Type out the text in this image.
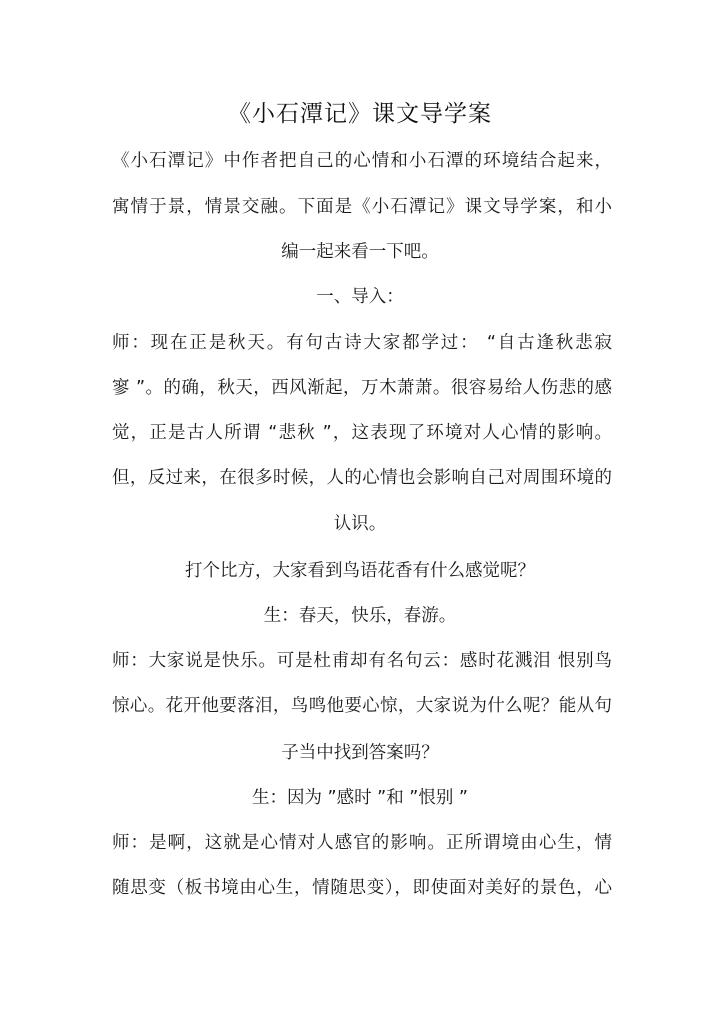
《小石潭记》课文导学案
《小石潭记》中作者把自己的心情和小石潭的环境结合起来，
寓情于景，情景交融。下面是《小石潭记》课文导学案，和小
编一起来看一下吧。
一、导入：
师：现在正是秋天。有句古诗大家都学过： “自古逢秋悲寂
寥 ”。的确，秋天，西风渐起，万木萧萧。很容易给人伤悲的感
觉，正是古人所谓 “悲秋 ”，这表现了环境对人心情的影响。
但，反过来，在很多时候，人的心情也会影响自己对周围环境的
认识。
打个比方，大家看到鸟语花香有什么感觉呢？
生：春天，快乐，春游。
师：大家说是快乐。可是杜甫却有名句云：感时花溅泪 恨别鸟
惊心。花开他要落泪，鸟鸣他要心惊，大家说为什么呢？能从句
子当中找到答案吗？
生：因为 ”感时 ”和 ”恨别 ”
师：是啊，这就是心情对人感官的影响。正所谓境由心生，情
随思变（板书境由心生，情随思变），即使面对美好的景色，心
